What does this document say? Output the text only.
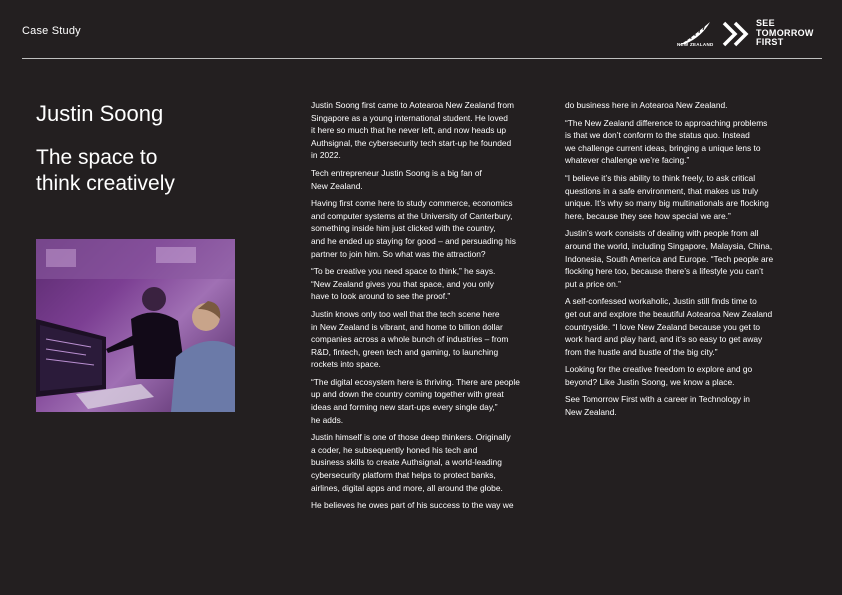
Case Study
NEW ZEALAND
SEE
TOMORROW
FIRST
Justin Soong
The space to
think creatively

Justin Soong first came to Aotearoa New Zealand from
Singapore as a young international student. He loved
it here so much that he never left, and now heads up
Authsignal, the cybersecurity tech start-up he founded
in 2022.

Tech entrepreneur Justin Soong is a big fan of
New Zealand.

Having first come here to study commerce, economics
and computer systems at the University of Canterbury,
something inside him just clicked with the country,
and he ended up staying for good – and persuading his
partner to join him. So what was the attraction?

“To be creative you need space to think,” he says.
“New Zealand gives you that space, and you only
have to look around to see the proof.”

Justin knows only too well that the tech scene here
in New Zealand is vibrant, and home to billion dollar
companies across a whole bunch of industries – from
R&D, fintech, green tech and gaming, to launching
rockets into space.

“The digital ecosystem here is thriving. There are people
up and down the country coming together with great
ideas and forming new start-ups every single day,”
he adds.

Justin himself is one of those deep thinkers. Originally
a coder, he subsequently honed his tech and
business skills to create Authsignal, a world-leading
cybersecurity platform that helps to protect banks,
airlines, digital apps and more, all around the globe.

He believes he owes part of his success to the way we

do business here in Aotearoa New Zealand.

“The New Zealand difference to approaching problems
is that we don’t conform to the status quo. Instead
we challenge current ideas, bringing a unique lens to
whatever challenge we’re facing.”

“I believe it’s this ability to think freely, to ask critical
questions in a safe environment, that makes us truly
unique. It’s why so many big multinationals are flocking
here, because they see how special we are.”

Justin’s work consists of dealing with people from all
around the world, including Singapore, Malaysia, China,
Indonesia, South America and Europe. “Tech people are
flocking here too, because there’s a lifestyle you can’t
put a price on.”

A self-confessed workaholic, Justin still finds time to
get out and explore the beautiful Aotearoa New Zealand
countryside. “I love New Zealand because you get to
work hard and play hard, and it’s so easy to get away
from the hustle and bustle of the big city.”

Looking for the creative freedom to explore and go
beyond? Like Justin Soong, we know a place.

See Tomorrow First with a career in Technology in
New Zealand.
